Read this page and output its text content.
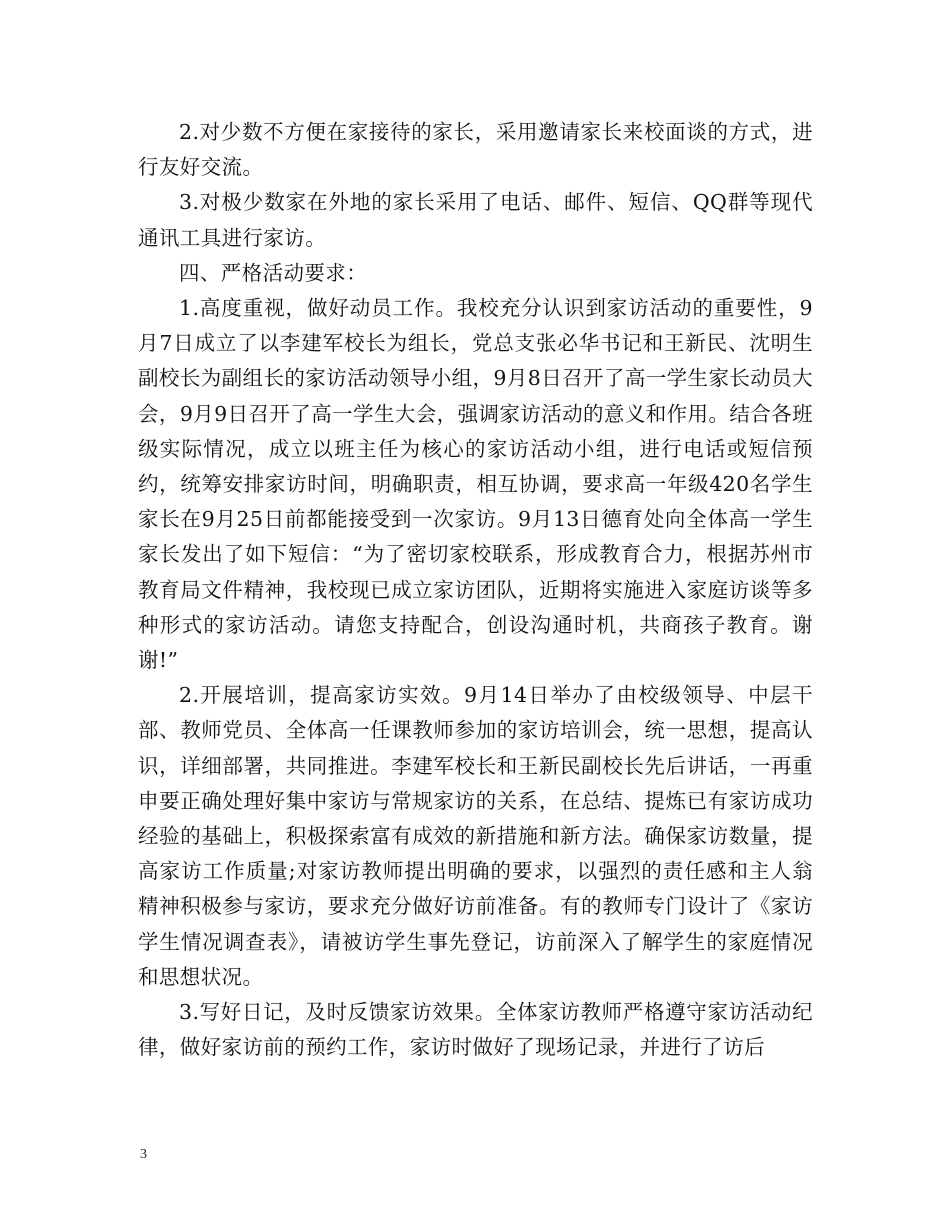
2.对少数不方便在家接待的家长，采用邀请家长来校面谈的方式，进行友好交流。

3.对极少数家在外地的家长采用了电话、邮件、短信、QQ群等现代通讯工具进行家访。

四、严格活动要求：

1.高度重视，做好动员工作。我校充分认识到家访活动的重要性，9月7日成立了以李建军校长为组长，党总支张必华书记和王新民、沈明生副校长为副组长的家访活动领导小组，9月8日召开了高一学生家长动员大会，9月9日召开了高一学生大会，强调家访活动的意义和作用。结合各班级实际情况，成立以班主任为核心的家访活动小组，进行电话或短信预约，统筹安排家访时间，明确职责，相互协调，要求高一年级420名学生家长在9月25日前都能接受到一次家访。9月13日德育处向全体高一学生家长发出了如下短信：“为了密切家校联系，形成教育合力，根据苏州市教育局文件精神，我校现已成立家访团队，近期将实施进入家庭访谈等多种形式的家访活动。请您支持配合，创设沟通时机，共商孩子教育。谢谢!”

2.开展培训，提高家访实效。9月14日举办了由校级领导、中层干部、教师党员、全体高一任课教师参加的家访培训会，统一思想，提高认识，详细部署，共同推进。李建军校长和王新民副校长先后讲话，一再重申要正确处理好集中家访与常规家访的关系，在总结、提炼已有家访成功经验的基础上，积极探索富有成效的新措施和新方法。确保家访数量，提高家访工作质量;对家访教师提出明确的要求，以强烈的责任感和主人翁精神积极参与家访，要求充分做好访前准备。有的教师专门设计了《家访学生情况调查表》，请被访学生事先登记，访前深入了解学生的家庭情况和思想状况。

3.写好日记，及时反馈家访效果。全体家访教师严格遵守家访活动纪律，做好家访前的预约工作，家访时做好了现场记录，并进行了访后

3
